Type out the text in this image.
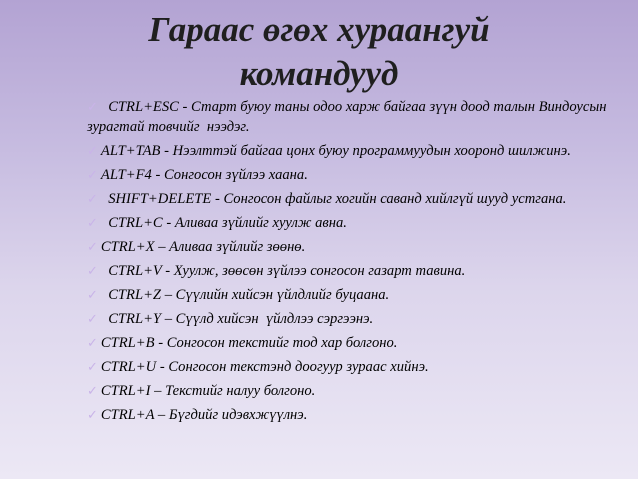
Гараас өгөх хураангуй
командууд
✓  CTRL+ESC - Старт буюу таны одоо харж байгаа зүүн доод талын Виндоусын зурагтай товчийг  нээдэг.
✓ ALT+TAB - Нээлттэй байгаа цонх буюу программуудын хооронд шилжинэ.
✓ ALT+F4 - Сонгосон зүйлээ хаана.
✓  SHIFT+DELETE - Сонгосон файлыг хогийн саванд хийлгүй шууд устгана.
✓  CTRL+C - Аливаа зүйлийг хуулж авна.
✓ CTRL+X – Аливаа зүйлийг зөөнө.
✓  CTRL+V - Хуулж, зөөсөн зүйлээ сонгосон газарт тавина.
✓  CTRL+Z – Сүүлийн хийсэн үйлдлийг буцаана.
✓  CTRL+Y – Сүүлд хийсэн  үйлдлээ сэргээнэ.
✓ CTRL+B - Сонгосон текстийг тод хар болгоно.
✓ CTRL+U - Сонгосон текстэнд доогуур зураас хийнэ.
✓ CTRL+I – Текстийг налуу болгоно.
✓ CTRL+A – Бүгдийг идэвхжүүлнэ.
